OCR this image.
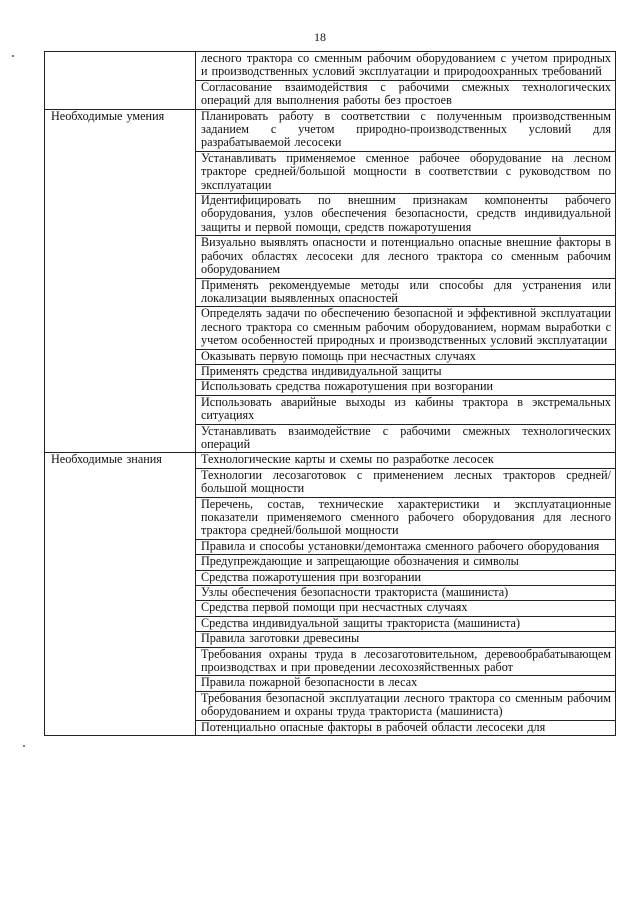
18
	лесного трактора со сменным рабочим оборудованием с учетом природных и производственных условий эксплуатации и природоохранных требований
	Согласование взаимодействия с рабочими смежных технологических операций для выполнения работы без простоев
Необходимые умения	Планировать работу в соответствии с полученным производственным заданием с учетом природно-производственных условий для разрабатываемой лесосеки
	Устанавливать применяемое сменное рабочее оборудование на лесном тракторе средней/большой мощности в соответствии с руководством по эксплуатации
	Идентифицировать по внешним признакам компоненты рабочего оборудования, узлов обеспечения безопасности, средств индивидуальной защиты и первой помощи, средств пожаротушения
	Визуально выявлять опасности и потенциально опасные внешние факторы в рабочих областях лесосеки для лесного трактора со сменным рабочим оборудованием
	Применять рекомендуемые методы или способы для устранения или локализации выявленных опасностей
	Определять задачи по обеспечению безопасной и эффективной эксплуатации лесного трактора со сменным рабочим оборудованием, нормам выработки с учетом особенностей природных и производственных условий эксплуатации
	Оказывать первую помощь при несчастных случаях
	Применять средства индивидуальной защиты
	Использовать средства пожаротушения при возгорании
	Использовать аварийные выходы из кабины трактора в экстремальных ситуациях
	Устанавливать взаимодействие с рабочими смежных технологических операций
Необходимые знания	Технологические карты и схемы по разработке лесосек
	Технологии лесозаготовок с применением лесных тракторов средней/большой мощности
	Перечень, состав, технические характеристики и эксплуатационные показатели применяемого сменного рабочего оборудования для лесного трактора средней/большой мощности
	Правила и способы установки/демонтажа сменного рабочего оборудования
	Предупреждающие и запрещающие обозначения и символы
	Средства пожаротушения при возгорании
	Узлы обеспечения безопасности тракториста (машиниста)
	Средства первой помощи при несчастных случаях
	Средства индивидуальной защиты тракториста (машиниста)
	Правила заготовки древесины
	Требования охраны труда в лесозаготовительном, деревообрабатывающем производствах и при проведении лесохозяйственных работ
	Правила пожарной безопасности в лесах
	Требования безопасной эксплуатации лесного трактора со сменным рабочим оборудованием и охраны труда тракториста (машиниста)
	Потенциально опасные факторы в рабочей области лесосеки для
